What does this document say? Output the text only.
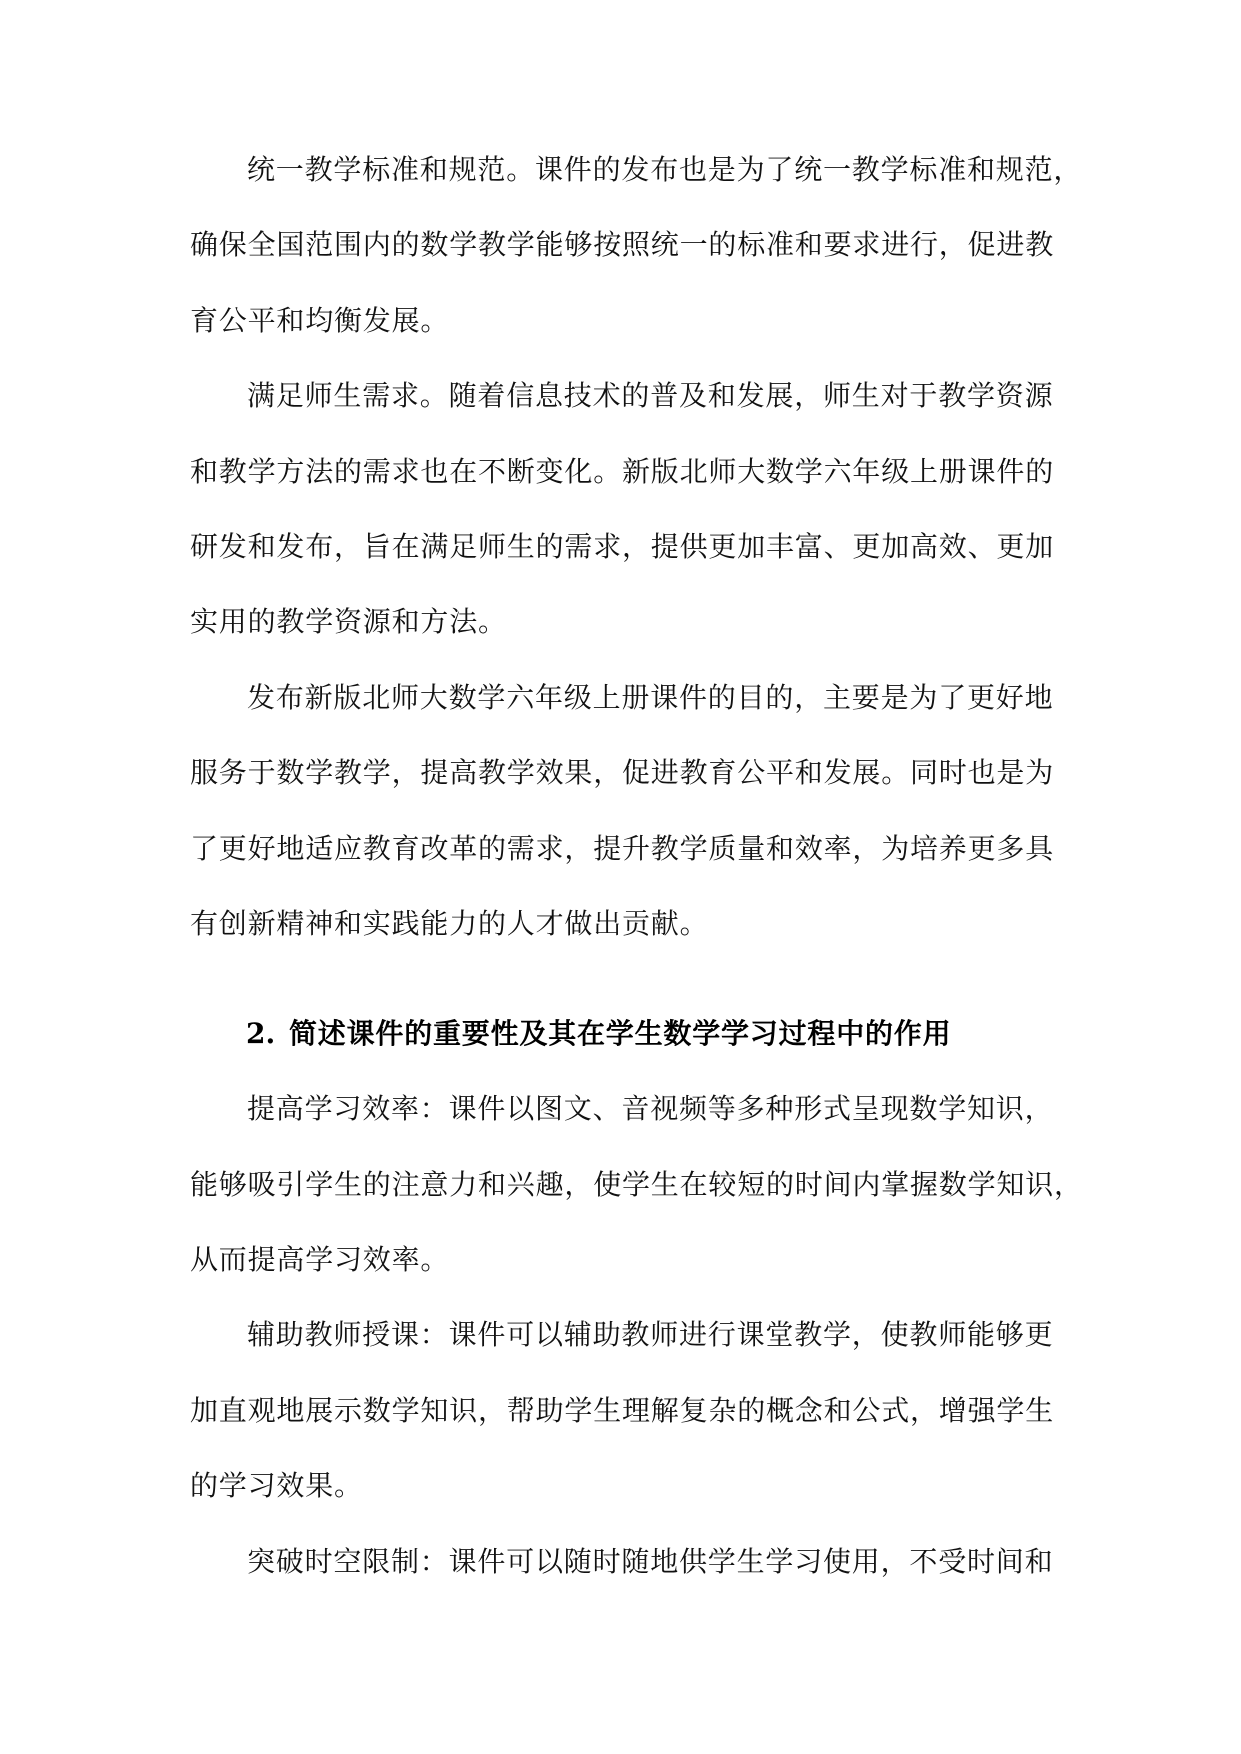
统一教学标准和规范。课件的发布也是为了统一教学标准和规范，
确保全国范围内的数学教学能够按照统一的标准和要求进行，促进教
育公平和均衡发展。
满足师生需求。随着信息技术的普及和发展，师生对于教学资源
和教学方法的需求也在不断变化。新版北师大数学六年级上册课件的
研发和发布，旨在满足师生的需求，提供更加丰富、更加高效、更加
实用的教学资源和方法。
发布新版北师大数学六年级上册课件的目的，主要是为了更好地
服务于数学教学，提高教学效果，促进教育公平和发展。同时也是为
了更好地适应教育改革的需求，提升教学质量和效率，为培养更多具
有创新精神和实践能力的人才做出贡献。
2. 简述课件的重要性及其在学生数学学习过程中的作用
提高学习效率：课件以图文、音视频等多种形式呈现数学知识，
能够吸引学生的注意力和兴趣，使学生在较短的时间内掌握数学知识，
从而提高学习效率。
辅助教师授课：课件可以辅助教师进行课堂教学，使教师能够更
加直观地展示数学知识，帮助学生理解复杂的概念和公式，增强学生
的学习效果。
突破时空限制：课件可以随时随地供学生学习使用，不受时间和
